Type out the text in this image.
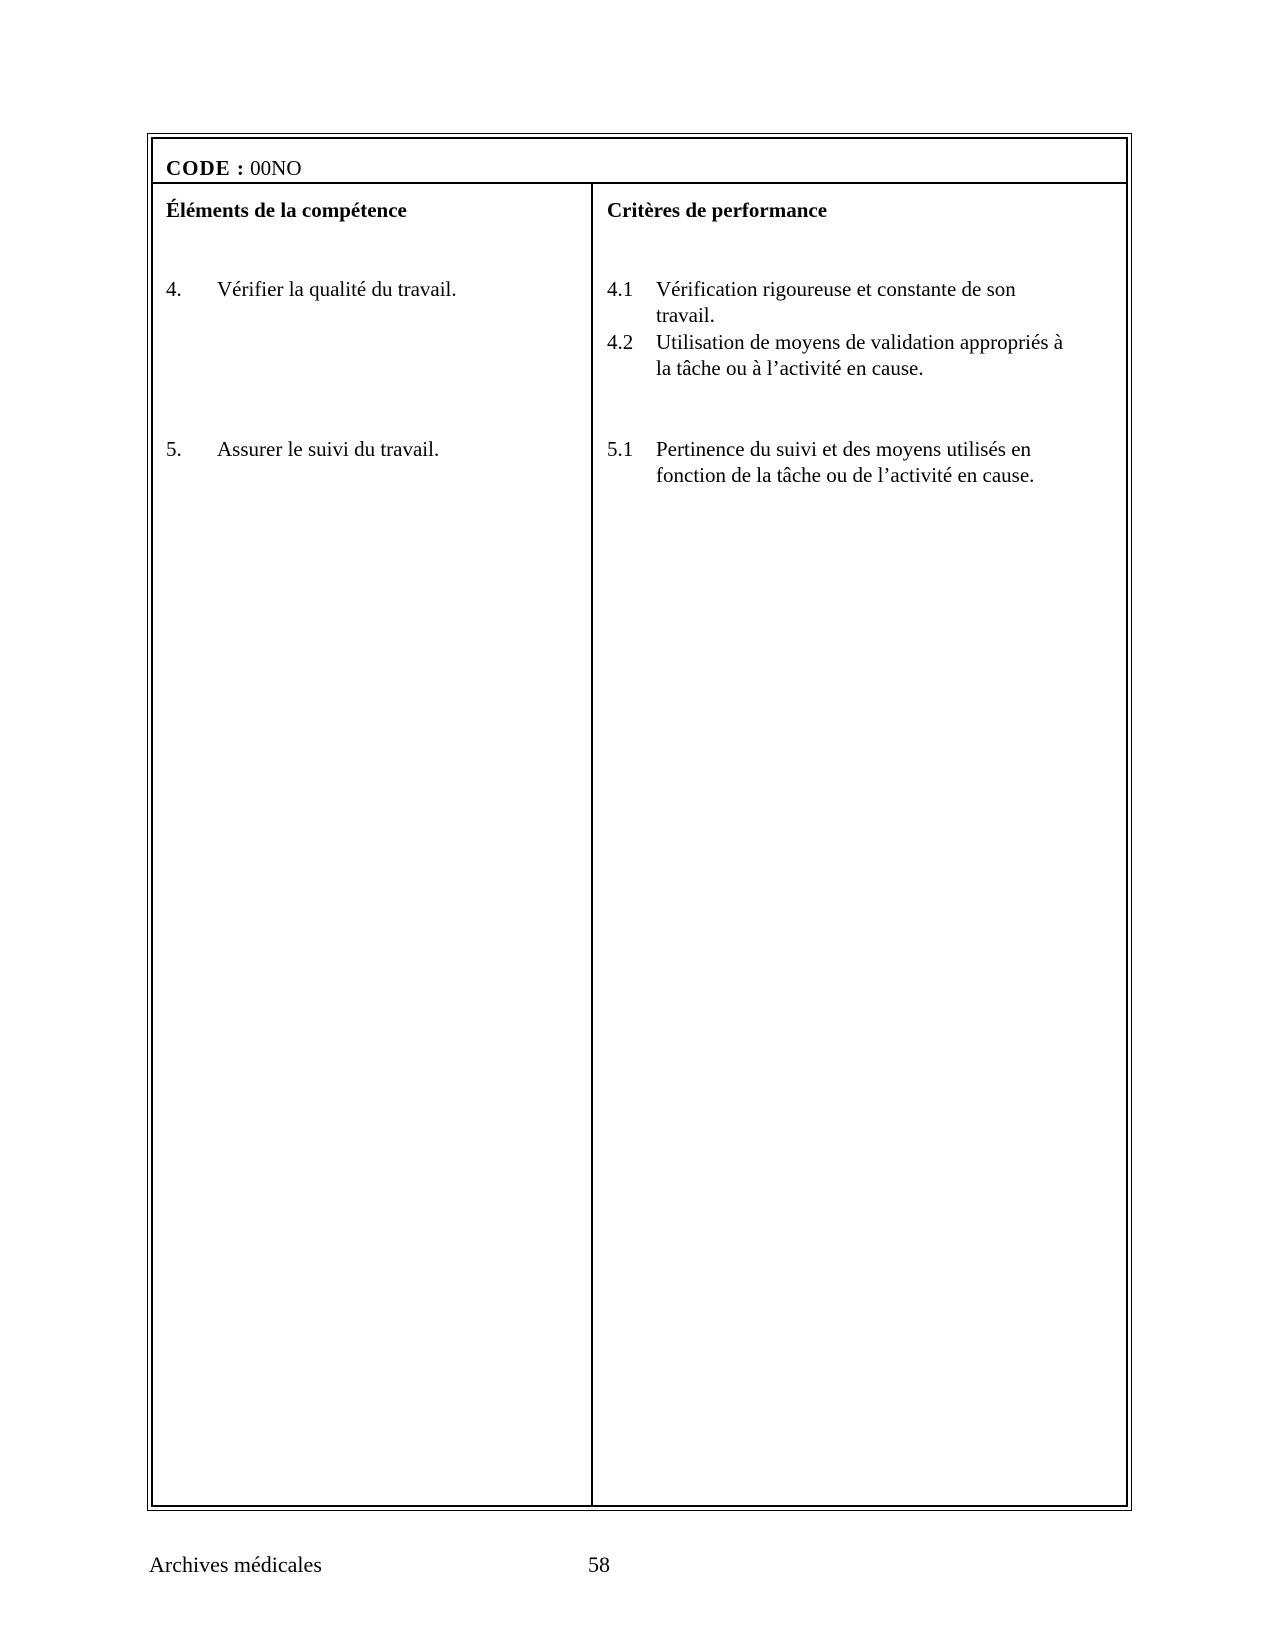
CODE : 00NO
Éléments de la compétence	Critères de performance
4. Vérifier la qualité du travail.
5. Assurer le suivi du travail.
4.1 Vérification rigoureuse et constante de son
travail.
4.2 Utilisation de moyens de validation appropriés à
la tâche ou à l’activité en cause.
5.1 Pertinence du suivi et des moyens utilisés en
fonction de la tâche ou de l’activité en cause.
Archives médicales	58
